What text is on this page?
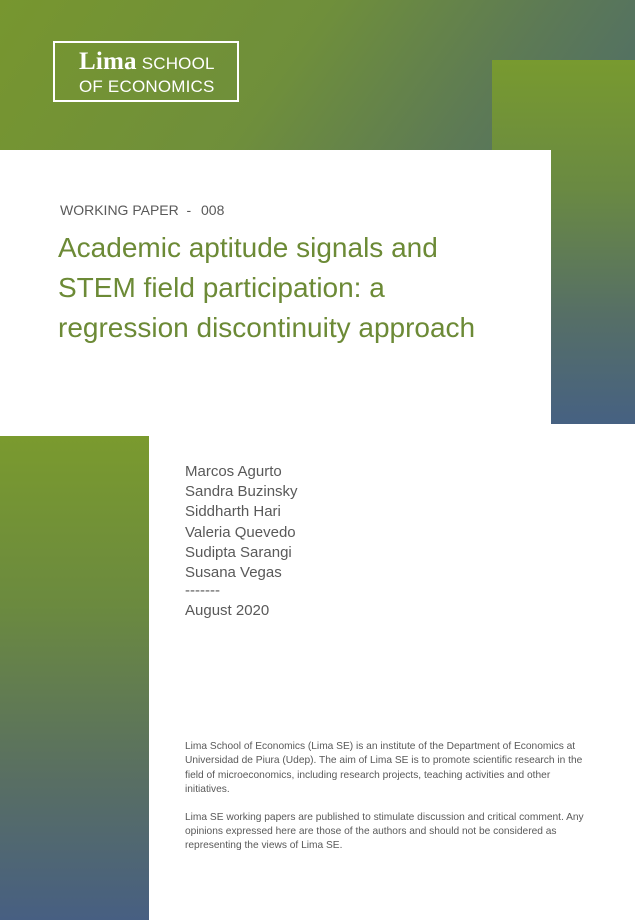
Lima SCHOOL
OF ECONOMICS
WORKING PAPER - 008
Academic aptitude signals and STEM field participation: a regression discontinuity approach
Marcos Agurto
Sandra Buzinsky
Siddharth Hari
Valeria Quevedo
Sudipta Sarangi
Susana Vegas
-------
August 2020

Lima School of Economics (Lima SE) is an institute of the Department of Economics at Universidad de Piura (Udep). The aim of Lima SE is to promote scientific research in the field of microeconomics, including research projects, teaching activities and other initiatives.

Lima SE working papers are published to stimulate discussion and critical comment. Any opinions expressed here are those of the authors and should not be considered as representing the views of Lima SE.
